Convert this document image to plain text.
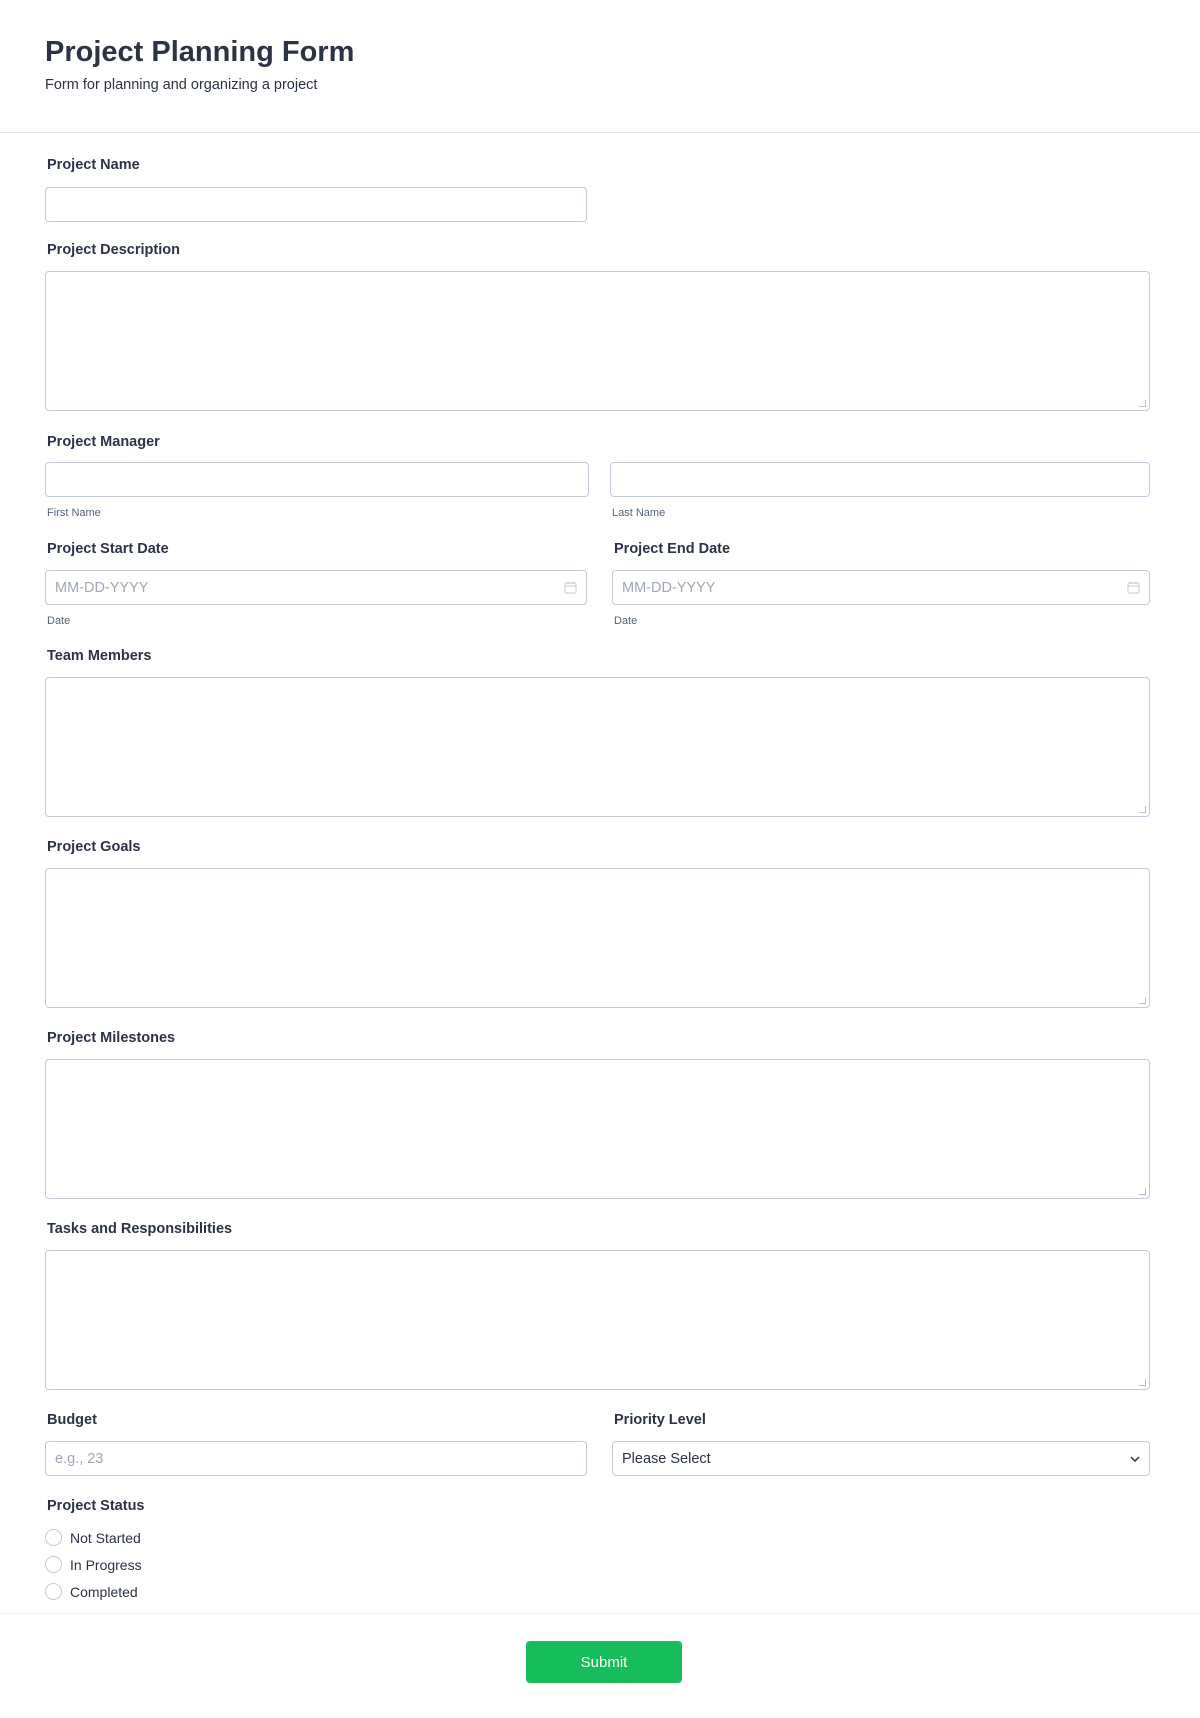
Project Planning Form
Form for planning and organizing a project
Project Name
Project Description
Project Manager
First Name	Last Name
Project Start Date	Project End Date
MM-DD-YYYY	MM-DD-YYYY
Date	Date
Team Members
Project Goals
Project Milestones
Tasks and Responsibilities
Budget	Priority Level
e.g., 23	Please Select
Project Status
Not Started
In Progress
Completed
Submit
